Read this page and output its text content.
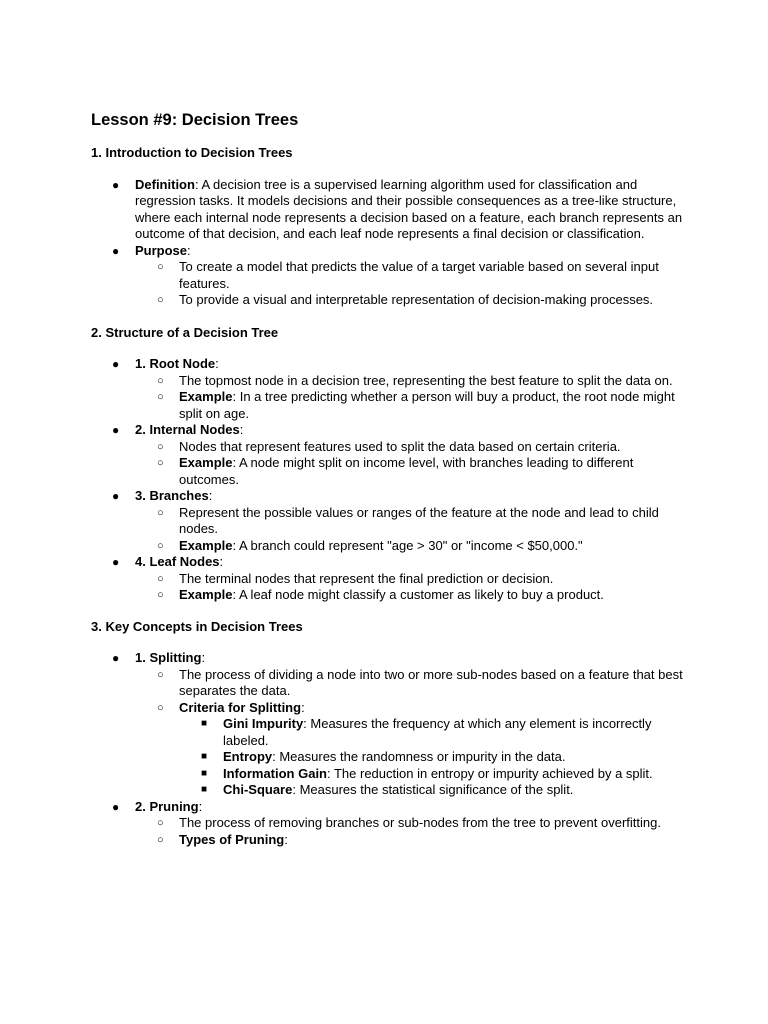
Lesson #9: Decision Trees
1. Introduction to Decision Trees
●	Definition: A decision tree is a supervised learning algorithm used for classification and regression tasks. It models decisions and their possible consequences as a tree-like structure, where each internal node represents a decision based on a feature, each branch represents an outcome of that decision, and each leaf node represents a final decision or classification.
●	Purpose:
○	To create a model that predicts the value of a target variable based on several input features.
○	To provide a visual and interpretable representation of decision-making processes.
2. Structure of a Decision Tree
●	1. Root Node:
○	The topmost node in a decision tree, representing the best feature to split the data on.
○	Example: In a tree predicting whether a person will buy a product, the root node might split on age.
●	2. Internal Nodes:
○	Nodes that represent features used to split the data based on certain criteria.
○	Example: A node might split on income level, with branches leading to different outcomes.
●	3. Branches:
○	Represent the possible values or ranges of the feature at the node and lead to child nodes.
○	Example: A branch could represent "age > 30" or "income < $50,000."
●	4. Leaf Nodes:
○	The terminal nodes that represent the final prediction or decision.
○	Example: A leaf node might classify a customer as likely to buy a product.
3. Key Concepts in Decision Trees
●	1. Splitting:
○	The process of dividing a node into two or more sub-nodes based on a feature that best separates the data.
○	Criteria for Splitting:
■	Gini Impurity: Measures the frequency at which any element is incorrectly labeled.
■	Entropy: Measures the randomness or impurity in the data.
■	Information Gain: The reduction in entropy or impurity achieved by a split.
■	Chi-Square: Measures the statistical significance of the split.
●	2. Pruning:
○	The process of removing branches or sub-nodes from the tree to prevent overfitting.
○	Types of Pruning:
